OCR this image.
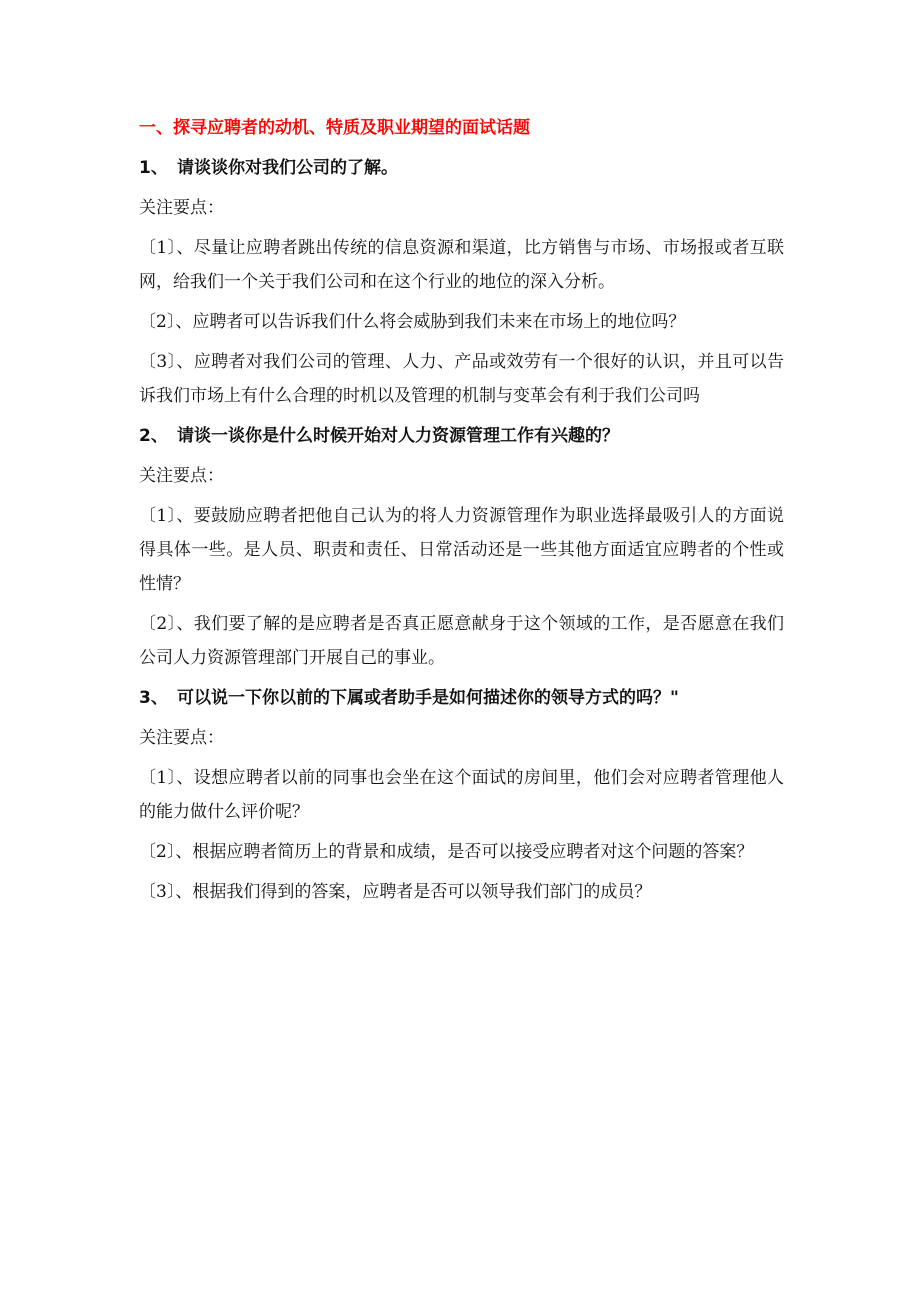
一、探寻应聘者的动机、特质及职业期望的面试话题
1、 请谈谈你对我们公司的了解。
关注要点：
〔1〕、尽量让应聘者跳出传统的信息资源和渠道，比方销售与市场、市场报或者互联网，给我们一个关于我们公司和在这个行业的地位的深入分析。
〔2〕、应聘者可以告诉我们什么将会威胁到我们未来在市场上的地位吗？
〔3〕、应聘者对我们公司的管理、人力、产品或效劳有一个很好的认识，并且可以告诉我们市场上有什么合理的时机以及管理的机制与变革会有利于我们公司吗
2、 请谈一谈你是什么时候开始对人力资源管理工作有兴趣的？
关注要点：
〔1〕、要鼓励应聘者把他自己认为的将人力资源管理作为职业选择最吸引人的方面说得具体一些。是人员、职责和责任、日常活动还是一些其他方面适宜应聘者的个性或性情？
〔2〕、我们要了解的是应聘者是否真正愿意献身于这个领域的工作，是否愿意在我们公司人力资源管理部门开展自己的事业。
3、 可以说一下你以前的下属或者助手是如何描述你的领导方式的吗？"
关注要点：
〔1〕、设想应聘者以前的同事也会坐在这个面试的房间里，他们会对应聘者管理他人的能力做什么评价呢？
〔2〕、根据应聘者简历上的背景和成绩，是否可以接受应聘者对这个问题的答案？
〔3〕、根据我们得到的答案，应聘者是否可以领导我们部门的成员？
